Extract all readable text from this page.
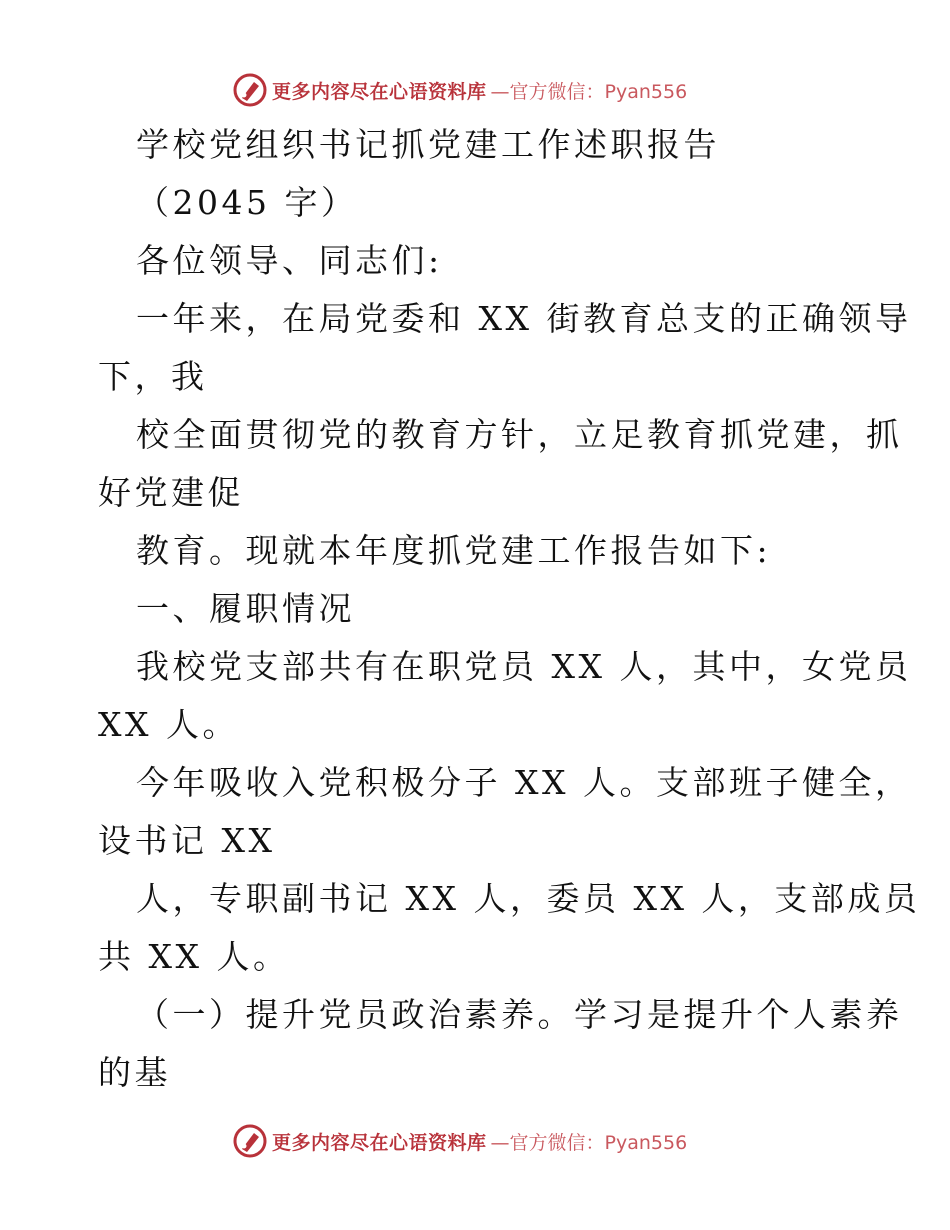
更多内容尽在心语资料库 —官方微信：Pyan556
学校党组织书记抓党建工作述职报告
（2045 字）
各位领导、同志们:
一年来，在局党委和 XX 街教育总支的正确领导
下，我
校全面贯彻党的教育方针，立足教育抓党建，抓
好党建促
教育。现就本年度抓党建工作报告如下:
一、履职情况
我校党支部共有在职党员 XX 人，其中，女党员
XX 人。
今年吸收入党积极分子 XX 人。支部班子健全，
设书记 XX
人，专职副书记 XX 人，委员 XX 人，支部成员
共 XX 人。
（一）提升党员政治素养。学习是提升个人素养
的基
更多内容尽在心语资料库 —官方微信：Pyan556
